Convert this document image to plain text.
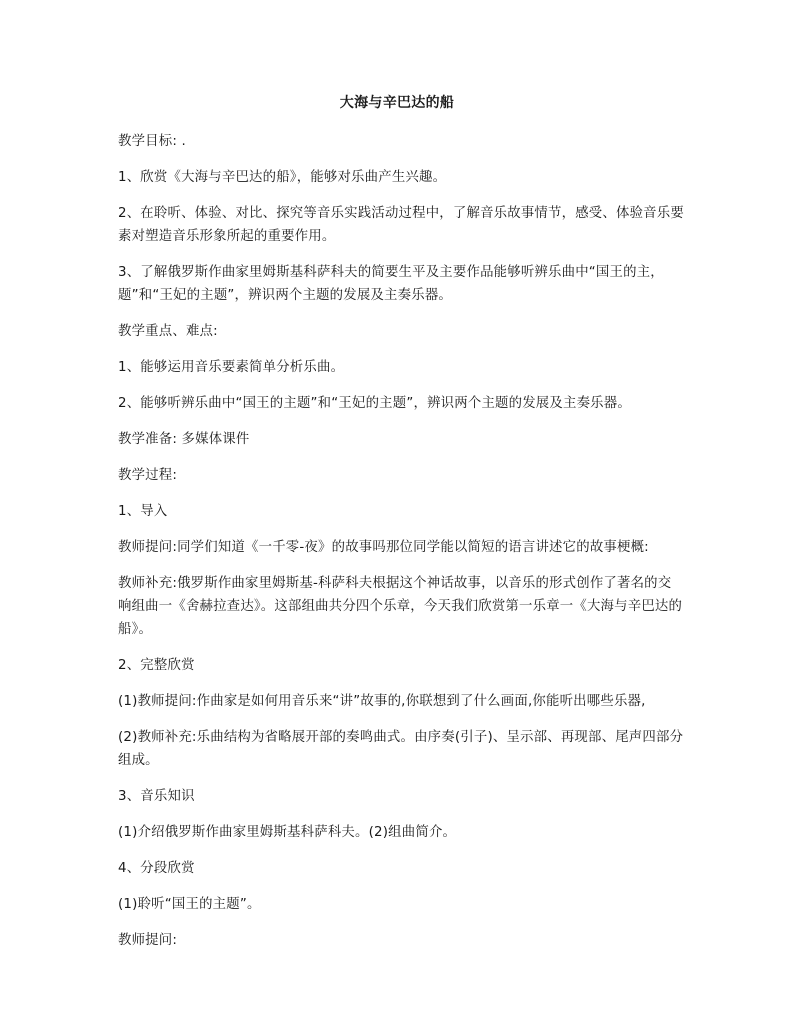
大海与辛巴达的船

教学目标: .

1、欣赏《大海与辛巴达的船》，能够对乐曲产生兴趣。

2、在聆听、体验、对比、探究等音乐实践活动过程中，了解音乐故事情节，感受、体验音乐要素对塑造音乐形象所起的重要作用。

3、了解俄罗斯作曲家里姆斯基科萨科夫的简要生平及主要作品能够听辨乐曲中“国王的主，题”和“王妃的主题”，辨识两个主题的发展及主奏乐器。

教学重点、难点:

1、能够运用音乐要素简单分析乐曲。

2、能够听辨乐曲中“国王的主题”和“王妃的主题”，辨识两个主题的发展及主奏乐器。

教学准备: 多媒体课件

教学过程:

1、导入

教师提问:同学们知道《一千零-夜》的故事吗那位同学能以简短的语言讲述它的故事梗概:

教师补充:俄罗斯作曲家里姆斯基-科萨科夫根据这个神话故事，以音乐的形式创作了著名的交响组曲一《舍赫拉查达》。这部组曲共分四个乐章，今天我们欣赏第一乐章一《大海与辛巴达的船》。

2、完整欣赏

(1)教师提问:作曲家是如何用音乐来“讲”故事的,你联想到了什么画面,你能听出哪些乐器,

(2)教师补充:乐曲结构为省略展开部的奏鸣曲式。由序奏(引子)、呈示部、再现部、尾声四部分组成。

3、音乐知识

(1)介绍俄罗斯作曲家里姆斯基科萨科夫。(2)组曲简介。

4、分段欣赏

(1)聆听“国王的主题”。

教师提问:
